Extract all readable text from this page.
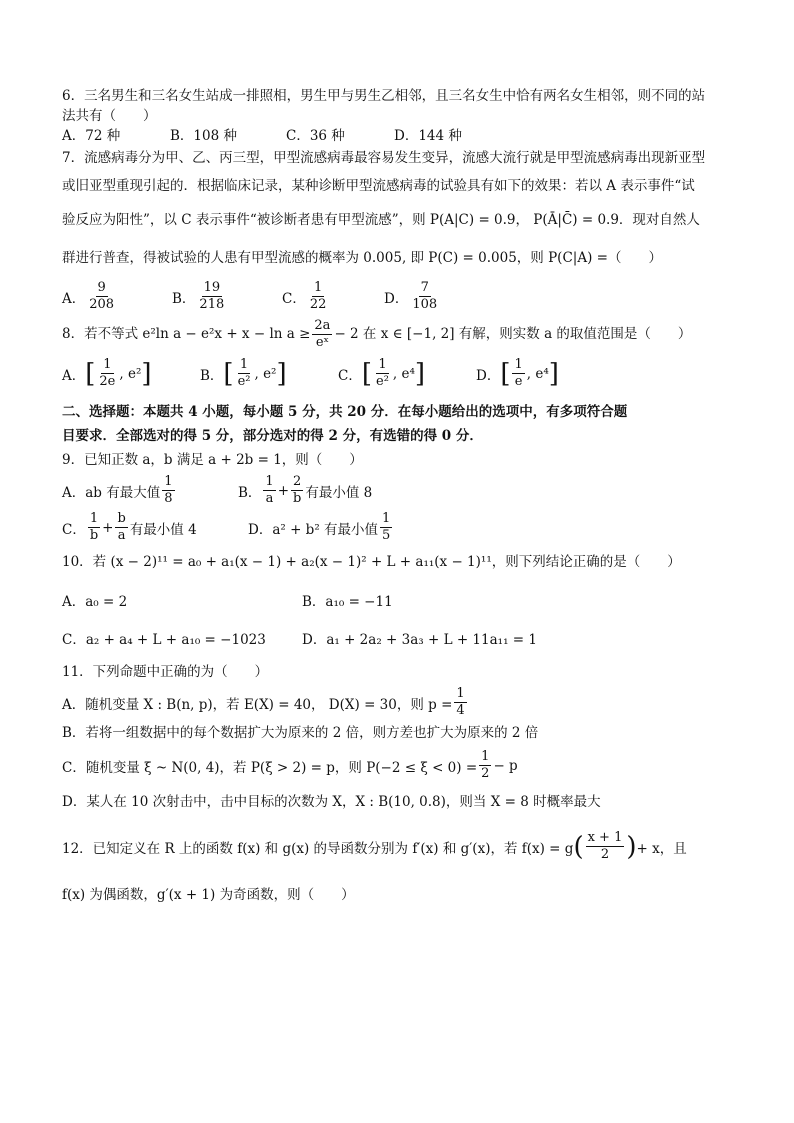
6．三名男生和三名女生站成一排照相，男生甲与男生乙相邻，且三名女生中恰有两名女生相邻，则不同的站
法共有（　　）
A．72 种	B．108 种	C．36 种	D．144 种
7．流感病毒分为甲、乙、丙三型，甲型流感病毒最容易发生变异，流感大流行就是甲型流感病毒出现新亚型
或旧亚型重现引起的．根据临床记录，某种诊断甲型流感病毒的试验具有如下的效果：若以 A 表示事件“试
验反应为阳性”，以 C 表示事件“被诊断者患有甲型流感”，则 P(A|C) = 0.9， P(Ā|C̄) = 0.9．现对自然人
群进行普查，得被试验的人患有甲型流感的概率为 0.005, 即 P(C) = 0.005，则 P(C|A) =（　　）
A． $\frac{9}{208}$	B． $\frac{19}{218}$	C． $\frac{1}{22}$	D． $\frac{7}{108}$
8．若不等式 e²ln $a - e^2x + x - \ln a \ge \frac{2a}{\text{eˣ}} - 2$ 在 x ∈ [−1, 2] 有解，则实数 a 的取值范围是（　　）
A． [ $\frac{1}{2e}$ , e² ]	B． [ $\frac{1}{\text{e²}}$ , e² ]	C． [ $\frac{1}{\text{e²}}$ , e⁴ ]	D． [ $\frac{1}{e}$ , e⁴ ]
二、选择题：本题共 4 小题，每小题 5 分，共 20 分．在每小题给出的选项中，有多项符合题
目要求．全部选对的得 5 分，部分选对的得 2 分，有选错的得 0 分．
9．已知正数 a，b 满足 a + 2b = 1，则（　　）
A．ab 有最大值 $\frac{1}{8}$	B． $\frac{1}{a} + \frac{2}{b}$ 有最小值 8
C． $\frac{1}{b} + \frac{b}{a}$ 有最小值 4	D．a² + b² 有最小值 $\frac{1}{5}$
10．若 (x − 2)¹¹ = a₀ + a₁(x − 1) + a₂(x − 1)² + L + a₁₁(x − 1)¹¹，则下列结论正确的是（　　）
A．a₀ = 2	B．a₁₀ = −11
C．a₂ + a₄ + L + a₁₀ = −1023	D．a₁ + 2a₂ + 3a₃ + L + 11a₁₁ = 1
11．下列命题中正确的为（　　）
A．随机变量 X : B(n, p)，若 E(X) = 40， D(X) = 30，则 $p = \frac{1}{4}$
B．若将一组数据中的每个数据扩大为原来的 2 倍，则方差也扩大为原来的 2 倍
C．随机变量 ξ ~ N(0, 4)，若 P(ξ > 2) = p，则 $P(-2 \le \xi < 0) = \frac{1}{2} - p$
D．某人在 10 次射击中，击中目标的次数为 X，X : B(10, 0.8)，则当 X = 8 时概率最大
12．已知定义在 R 上的函数 f(x) 和 g(x) 的导函数分别为 f′(x) 和 g′(x)，若 f(x) = g ( $\frac{x + 1}{2}$ ) + x，且
f(x) 为偶函数，g′(x + 1) 为奇函数，则（　　）
